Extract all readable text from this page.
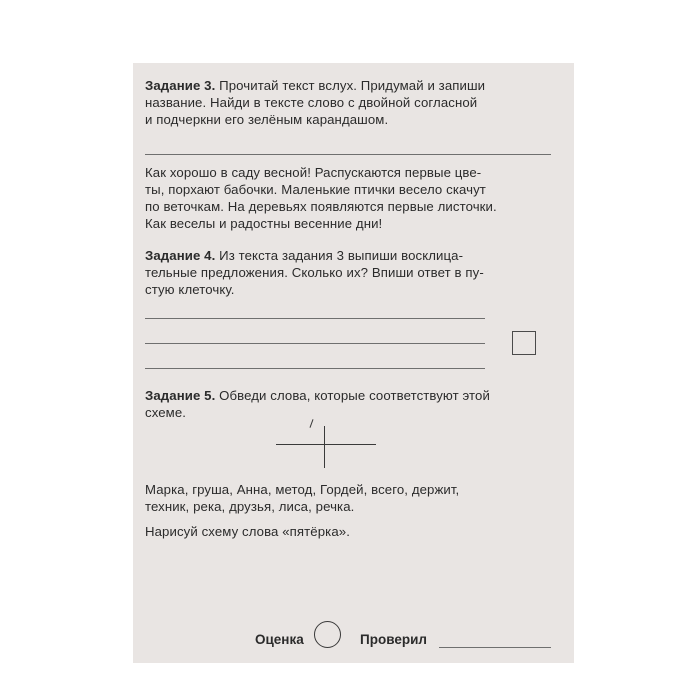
Задание 3. Прочитай текст вслух. Придумай и запиши
название. Найди в тексте слово с двойной согласной
и подчеркни его зелёным карандашом.
Как хорошо в саду весной! Распускаются первые цве-
ты, порхают бабочки. Маленькие птички весело скачут
по веточкам. На деревьях появляются первые листочки.
Как веселы и радостны весенние дни!
Задание 4. Из текста задания 3 выпиши восклица-
тельные предложения. Сколько их? Впиши ответ в пу-
стую клеточку.
Задание 5. Обведи слова, которые соответствуют этой
схеме.
Марка, груша, Анна, метод, Гордей, всего, держит,
техник, река, друзья, лиса, речка.
Нарисуй схему слова «пятёрка».
Оценка	Проверил
